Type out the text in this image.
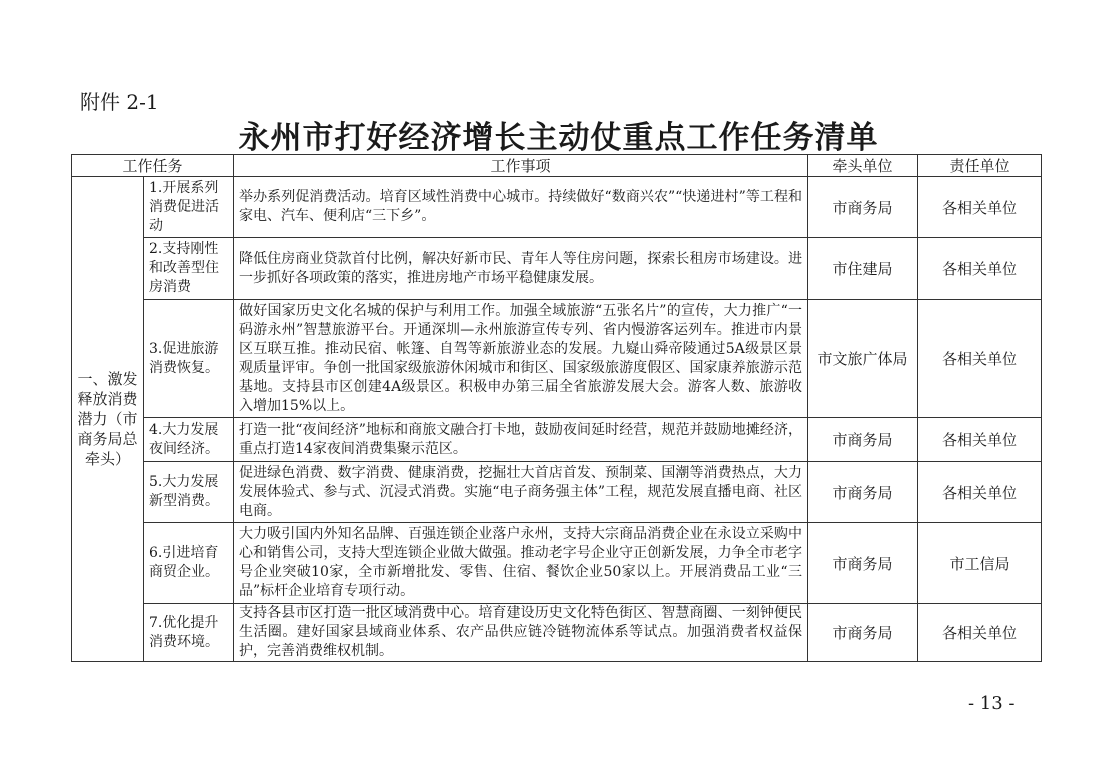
附件 2-1
永州市打好经济增长主动仗重点工作任务清单
工作任务		工作事项	牵头单位	责任单位
一、激发释放消费潜力（市商务局总牵头）	1.开展系列消费促进活动	举办系列促消费活动。培育区域性消费中心城市。持续做好“数商兴农”“快递进村”等工程和家电、汽车、便利店“三下乡”。	市商务局	各相关单位
	2.支持刚性和改善型住房消费	降低住房商业贷款首付比例，解决好新市民、青年人等住房问题，探索长租房市场建设。进一步抓好各项政策的落实，推进房地产市场平稳健康发展。	市住建局	各相关单位
	3.促进旅游消费恢复。	做好国家历史文化名城的保护与利用工作。加强全域旅游“五张名片”的宣传，大力推广“一码游永州”智慧旅游平台。开通深圳—永州旅游宣传专列、省内慢游客运列车。推进市内景区互联互推。推动民宿、帐篷、自驾等新旅游业态的发展。九嶷山舜帝陵通过5A级景区景观质量评审。争创一批国家级旅游休闲城市和街区、国家级旅游度假区、国家康养旅游示范基地。支持县市区创建4A级景区。积极申办第三届全省旅游发展大会。游客人数、旅游收入增加15%以上。	市文旅广体局	各相关单位
	4.大力发展夜间经济。	打造一批“夜间经济”地标和商旅文融合打卡地，鼓励夜间延时经营，规范并鼓励地摊经济，重点打造14家夜间消费集聚示范区。	市商务局	各相关单位
	5.大力发展新型消费。	促进绿色消费、数字消费、健康消费，挖掘壮大首店首发、预制菜、国潮等消费热点，大力发展体验式、参与式、沉浸式消费。实施“电子商务强主体”工程，规范发展直播电商、社区电商。	市商务局	各相关单位
	6.引进培育商贸企业。	大力吸引国内外知名品牌、百强连锁企业落户永州，支持大宗商品消费企业在永设立采购中心和销售公司，支持大型连锁企业做大做强。推动老字号企业守正创新发展，力争全市老字号企业突破10家，全市新增批发、零售、住宿、餐饮企业50家以上。开展消费品工业“三品”标杆企业培育专项行动。	市商务局	市工信局
	7.优化提升消费环境。	支持各县市区打造一批区域消费中心。培育建设历史文化特色街区、智慧商圈、一刻钟便民生活圈。建好国家县域商业体系、农产品供应链冷链物流体系等试点。加强消费者权益保护，完善消费维权机制。	市商务局	各相关单位
- 13 -
